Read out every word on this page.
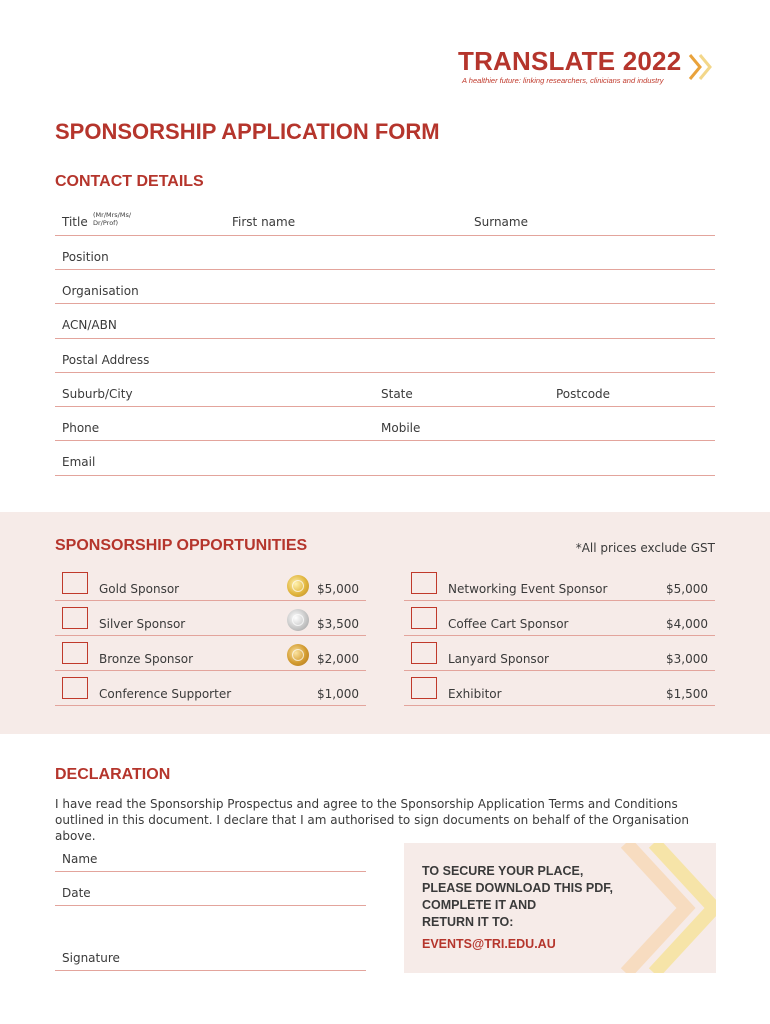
TRANSLATE 2022
A healthier future: linking researchers, clinicians and industry
SPONSORSHIP APPLICATION FORM
CONTACT DETAILS
Title (Mr/Mrs/Ms/
Dr/Prof)	First name	Surname
Position
Organisation
ACN/ABN
Postal Address
Suburb/City	State	Postcode
Phone	Mobile
Email
SPONSORSHIP OPPORTUNITIES	*All prices exclude GST
Gold Sponsor	$5,000
Silver Sponsor	$3,500
Bronze Sponsor	$2,000
Conference Supporter	$1,000
Networking Event Sponsor	$5,000
Coffee Cart Sponsor	$4,000
Lanyard Sponsor	$3,000
Exhibitor	$1,500
DECLARATION
I have read the Sponsorship Prospectus and agree to the Sponsorship Application Terms and Conditions outlined in this document. I declare that I am authorised to sign documents on behalf of the Organisation above.
Name
Date
Signature
TO SECURE YOUR PLACE,
PLEASE DOWNLOAD THIS PDF,
COMPLETE IT AND
RETURN IT TO:
EVENTS@TRI.EDU.AU
